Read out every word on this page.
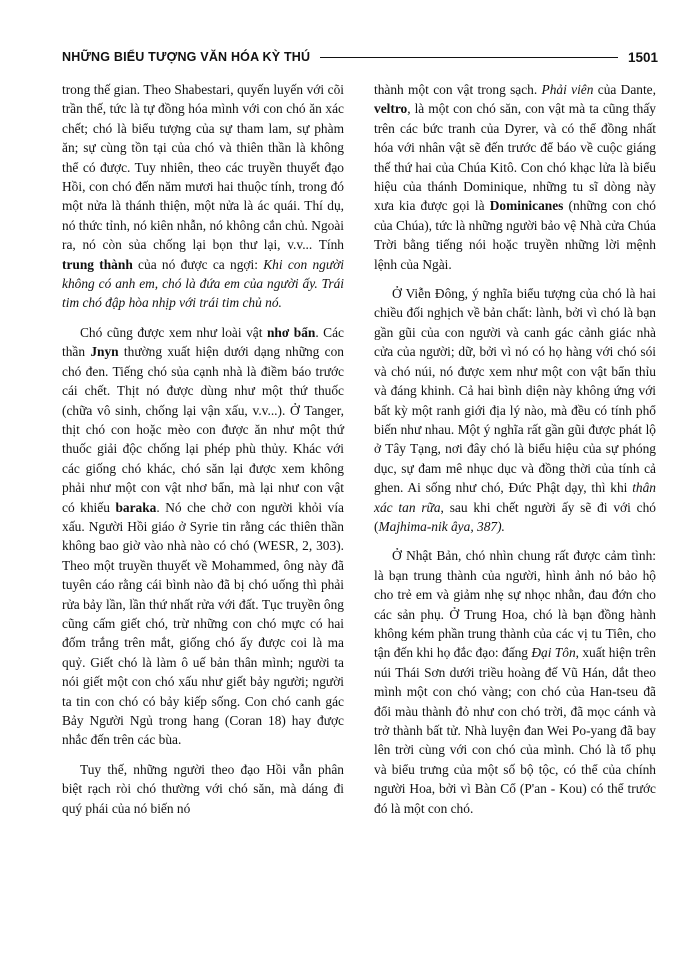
NHỮNG BIỂU TƯỢNG VĂN HÓA KỲ THÚ	1501

trong thế gian. Theo Shabestari, quyến luyến với cõi trần thế, tức là tự đồng hóa mình với con chó ăn xác chết; chó là biểu tượng của sự tham lam, sự phàm ăn; sự cùng tồn tại của chó và thiên thần là không thể có được. Tuy nhiên, theo các truyền thuyết đạo Hồi, con chó đến năm mươi hai thuộc tính, trong đó một nửa là thánh thiện, một nửa là ác quái. Thí dụ, nó thức tỉnh, nó kiên nhẫn, nó không cắn chủ. Ngoài ra, nó còn sủa chống lại bọn thư lại, v.v... Tính trung thành của nó được ca ngợi: Khi con người không có anh em, chó là đứa em của người ấy. Trái tim chó đập hòa nhịp với trái tim chủ nó.

Chó cũng được xem như loài vật nhơ bẩn. Các thần Jnyn thường xuất hiện dưới dạng những con chó đen. Tiếng chó sủa cạnh nhà là điềm báo trước cái chết. Thịt nó được dùng như một thứ thuốc (chữa vô sinh, chống lại vận xấu, v.v...). Ở Tanger, thịt chó con hoặc mèo con được ăn như một thứ thuốc giải độc chống lại phép phù thủy. Khác với các giống chó khác, chó săn lại được xem không phải như một con vật nhơ bẩn, mà lại như con vật có khiếu baraka. Nó che chở con người khỏi vía xấu. Người Hồi giáo ở Syrie tin rằng các thiên thần không bao giờ vào nhà nào có chó (WESR, 2, 303). Theo một truyền thuyết về Mohammed, ông này đã tuyên cáo rằng cái bình nào đã bị chó uống thì phải rửa bảy lần, lần thứ nhất rửa với đất. Tục truyền ông cũng cấm giết chó, trừ những con chó mực có hai đốm trắng trên mắt, giống chó ấy được coi là ma quỷ. Giết chó là làm ô uế bản thân mình; người ta nói giết một con chó xấu như giết bảy người; người ta tin con chó có bảy kiếp sống. Con chó canh gác Bảy Người Ngủ trong hang (Coran 18) hay được nhắc đến trên các bùa.

Tuy thế, những người theo đạo Hồi vẫn phân biệt rạch ròi chó thường với chó săn, mà dáng đi quý phái của nó biến nó

thành một con vật trong sạch. Phải viên của Dante, veltro, là một con chó săn, con vật mà ta cũng thấy trên các bức tranh của Dyrer, và có thể đồng nhất hóa với nhân vật sẽ đến trước để báo về cuộc giáng thế thứ hai của Chúa Kitô. Con chó khạc lửa là biểu hiệu của thánh Dominique, những tu sĩ dòng này xưa kia được gọi là Dominicanes (những con chó của Chúa), tức là những người bảo vệ Nhà cửa Chúa Trời bằng tiếng nói hoặc truyền những lời mệnh lệnh của Ngài.

Ở Viễn Đông, ý nghĩa biểu tượng của chó là hai chiều đối nghịch về bản chất: lành, bởi vì chó là bạn gần gũi của con người và canh gác cảnh giác nhà cửa của người; dữ, bởi vì nó có họ hàng với chó sói và chó núi, nó được xem như một con vật bẩn thỉu và đáng khinh. Cả hai bình diện này không ứng với bất kỳ một ranh giới địa lý nào, mà đều có tính phổ biến như nhau. Một ý nghĩa rất gần gũi được phát lộ ở Tây Tạng, nơi đây chó là biểu hiệu của sự phóng dục, sự đam mê nhục dục và đồng thời của tính cả ghen. Ai sống như chó, Đức Phật dạy, thì khi thân xác tan rữa, sau khi chết người ấy sẽ đi với chó (Majhima-nik âya, 387).

Ở Nhật Bản, chó nhìn chung rất được cảm tình: là bạn trung thành của người, hình ảnh nó bảo hộ cho trẻ em và giảm nhẹ sự nhọc nhằn, đau đớn cho các sản phụ. Ở Trung Hoa, chó là bạn đồng hành không kém phần trung thành của các vị tu Tiên, cho tận đến khi họ đắc đạo: đấng Đại Tôn, xuất hiện trên núi Thái Sơn dưới triều hoàng đế Vũ Hán, dắt theo mình một con chó vàng; con chó của Han-tseu đã đổi màu thành đỏ như con chó trời, đã mọc cánh và trở thành bất tử. Nhà luyện đan Wei Po-yang đã bay lên trời cùng với con chó của mình. Chó là tổ phụ và biểu trưng của một số bộ tộc, có thể của chính người Hoa, bởi vì Bàn Cổ (P'an - Kou) có thể trước đó là một con chó.
